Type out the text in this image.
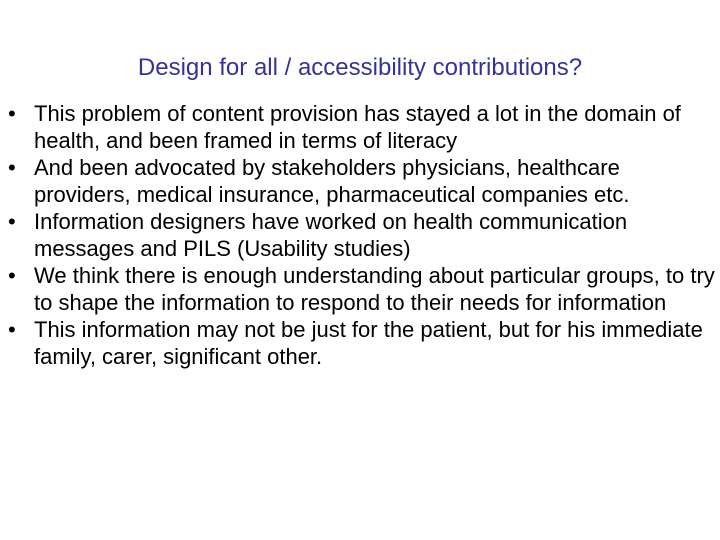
Design for all / accessibility contributions?
• This problem of content provision has stayed a lot in the domain of health, and been framed in terms of literacy
• And been advocated by stakeholders physicians, healthcare providers, medical insurance, pharmaceutical companies etc.
• Information designers have worked on health communication messages and PILS (Usability studies)
• We think there is enough understanding about particular groups, to try to shape the information to respond to their needs for information
• This information may not be just for the patient, but for his immediate family, carer, significant other.
